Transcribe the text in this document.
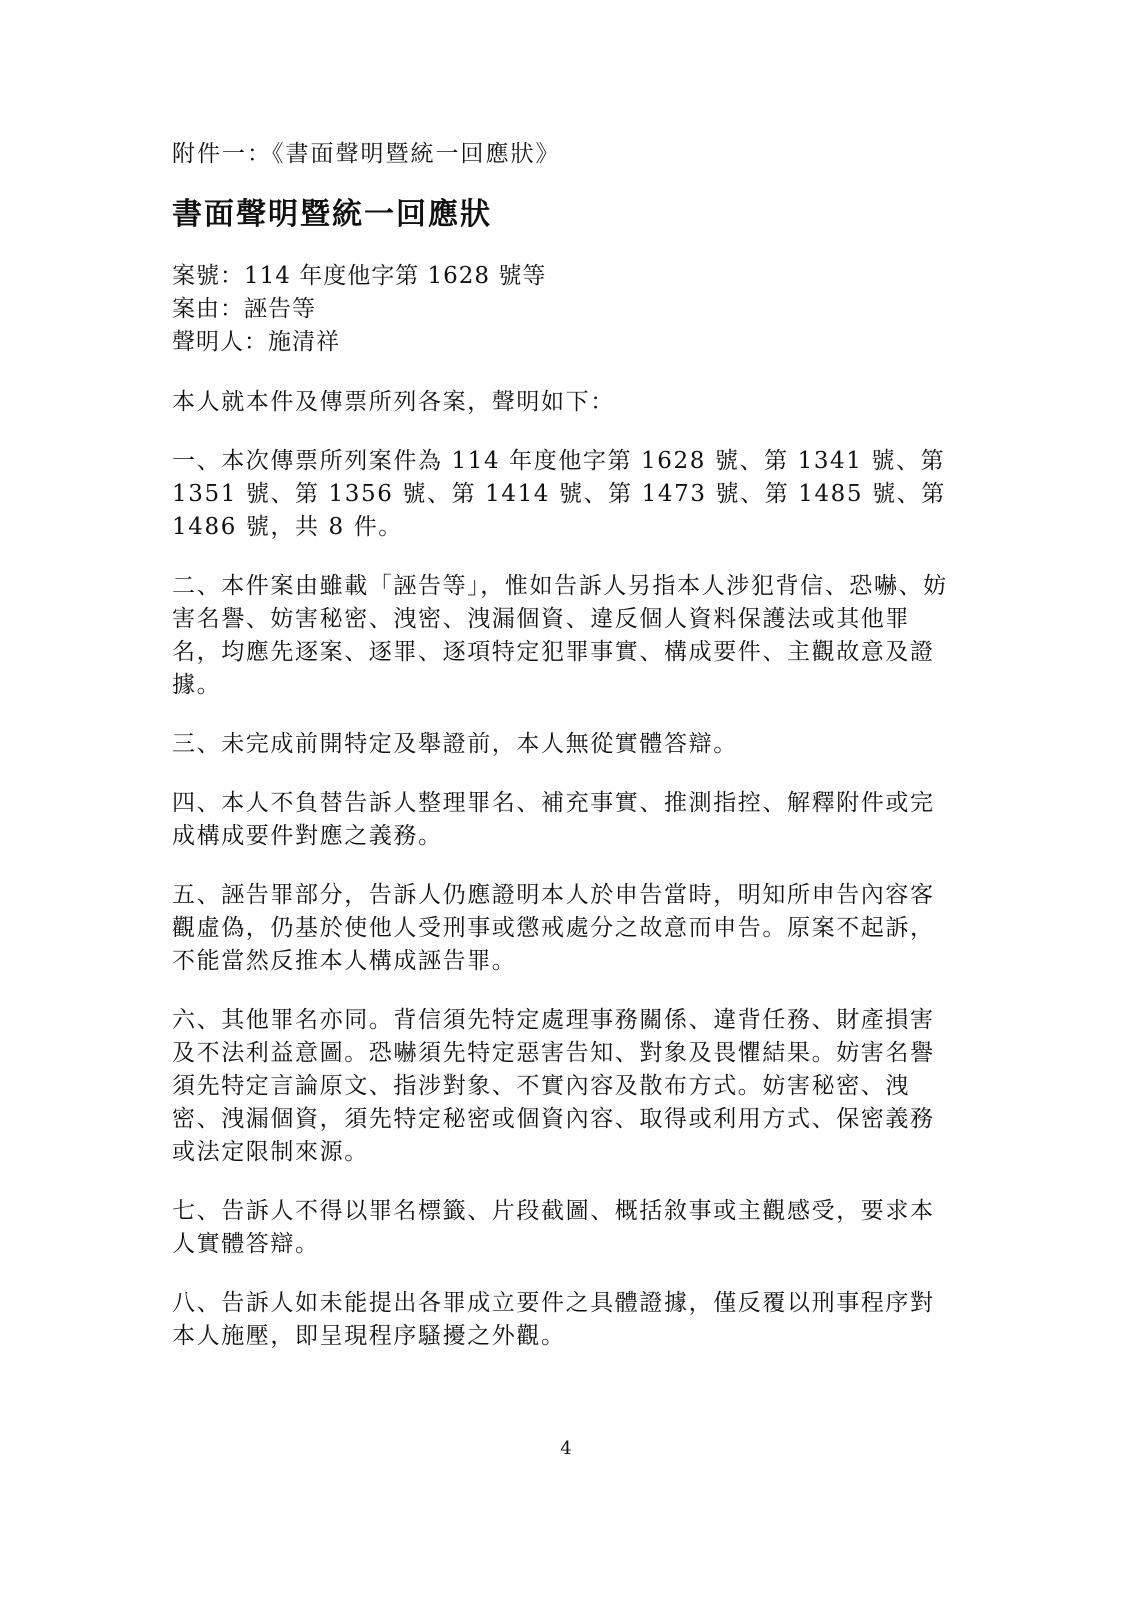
附件一：《書面聲明暨統一回應狀》

書面聲明暨統一回應狀

案號：114 年度他字第 1628 號等

案由：誣告等

聲明人：施清祥

本人就本件及傳票所列各案，聲明如下：

一、本次傳票所列案件為 114 年度他字第 1628 號、第 1341 號、第 1351 號、第 1356 號、第 1414 號、第 1473 號、第 1485 號、第 1486 號，共 8 件。

二、本件案由雖載「誣告等」，惟如告訴人另指本人涉犯背信、恐嚇、妨害名譽、妨害秘密、洩密、洩漏個資、違反個人資料保護法或其他罪名，均應先逐案、逐罪、逐項特定犯罪事實、構成要件、主觀故意及證據。

三、未完成前開特定及舉證前，本人無從實體答辯。

四、本人不負替告訴人整理罪名、補充事實、推測指控、解釋附件或完成構成要件對應之義務。

五、誣告罪部分，告訴人仍應證明本人於申告當時，明知所申告內容客觀虛偽，仍基於使他人受刑事或懲戒處分之故意而申告。原案不起訴，不能當然反推本人構成誣告罪。

六、其他罪名亦同。背信須先特定處理事務關係、違背任務、財產損害及不法利益意圖。恐嚇須先特定惡害告知、對象及畏懼結果。妨害名譽須先特定言論原文、指涉對象、不實內容及散布方式。妨害秘密、洩密、洩漏個資，須先特定秘密或個資內容、取得或利用方式、保密義務或法定限制來源。

七、告訴人不得以罪名標籤、片段截圖、概括敘事或主觀感受，要求本人實體答辯。

八、告訴人如未能提出各罪成立要件之具體證據，僅反覆以刑事程序對本人施壓，即呈現程序騷擾之外觀。

4
